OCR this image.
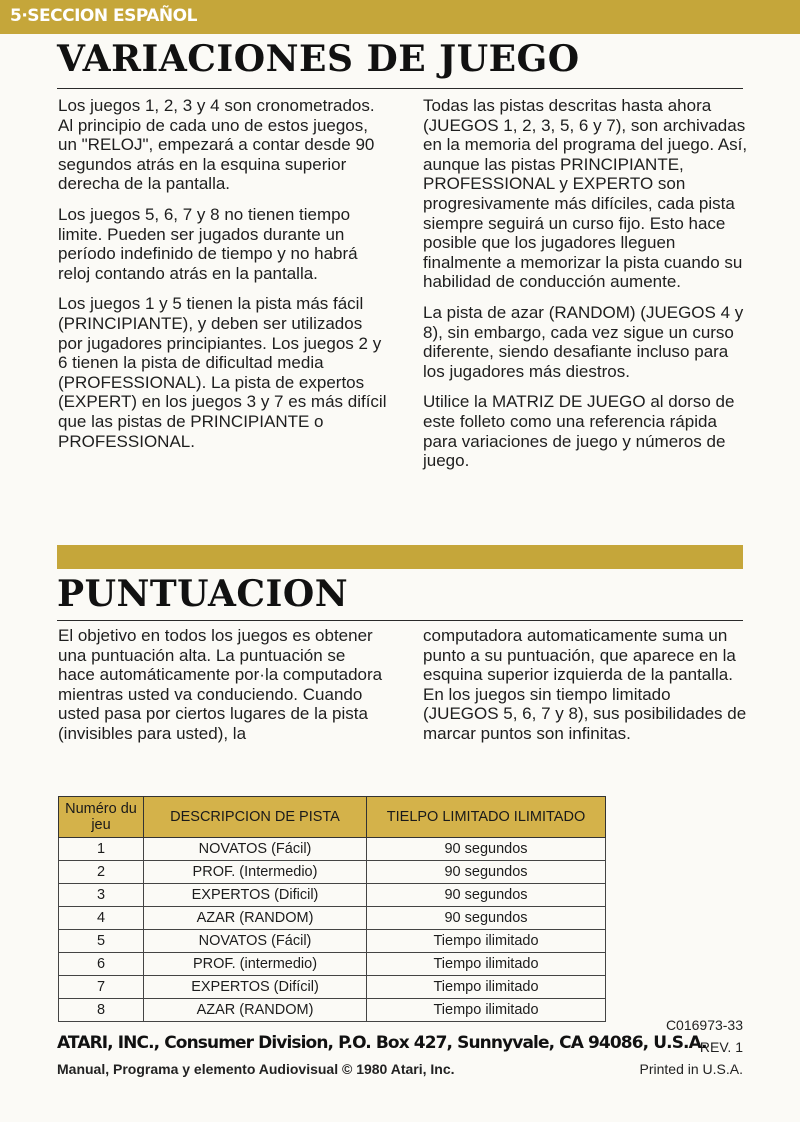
5·SECCION ESPAÑOL
VARIACIONES DE JUEGO

Los juegos 1, 2, 3 y 4 son cronometrados. Al principio de cada uno de estos juegos, un "RELOJ", empezará a contar desde 90 segundos atrás en la esquina superior derecha de la pantalla.

Los juegos 5, 6, 7 y 8 no tienen tiempo limite. Pueden ser jugados durante un período indefinido de tiempo y no habrá reloj contando atrás en la pantalla.

Los juegos 1 y 5 tienen la pista más fácil (PRINCIPIANTE), y deben ser utilizados por jugadores principiantes. Los juegos 2 y 6 tienen la pista de dificultad media (PROFESSIONAL). La pista de expertos (EXPERT) en los juegos 3 y 7 es más difícil que las pistas de PRINCIPIANTE o PROFESSIONAL.

Todas las pistas descritas hasta ahora (JUEGOS 1, 2, 3, 5, 6 y 7), son archivadas en la memoria del programa del juego. Así, aunque las pistas PRINCIPIANTE, PROFESSIONAL y EXPERTO son progresivamente más difíciles, cada pista siempre seguirá un curso fijo. Esto hace posible que los jugadores lleguen finalmente a memorizar la pista cuando su habilidad de conducción aumente.

La pista de azar (RANDOM) (JUEGOS 4 y 8), sin embargo, cada vez sigue un curso diferente, siendo desafiante incluso para los jugadores más diestros.

Utilice la MATRIZ DE JUEGO al dorso de este folleto como una referencia rápida para variaciones de juego y números de juego.

PUNTUACION

El objetivo en todos los juegos es obtener una puntuación alta. La puntuación se hace automáticamente por·la computadora mientras usted va conduciendo. Cuando usted pasa por ciertos lugares de la pista (invisibles para usted), la

computadora automaticamente suma un punto a su puntuación, que aparece en la esquina superior izquierda de la pantalla. En los juegos sin tiempo limitado (JUEGOS 5, 6, 7 y 8), sus posibilidades de marcar puntos son infinitas.

Numéro du jeu	DESCRIPCION DE PISTA	TIELPO LIMITADO ILIMITADO
1	NOVATOS (Fácil)	90 segundos
2	PROF. (Intermedio)	90 segundos
3	EXPERTOS (Dificil)	90 segundos
4	AZAR (RANDOM)	90 segundos
5	NOVATOS (Fácil)	Tiempo ilimitado
6	PROF. (intermedio)	Tiempo ilimitado
7	EXPERTOS (Difícil)	Tiempo ilimitado
8	AZAR (RANDOM)	Tiempo ilimitado
C016973-33
REV. 1
ATARI, INC., Consumer Division, P.O. Box 427, Sunnyvale, CA 94086, U.S.A.
Manual, Programa y elemento Audiovisual © 1980 Atari, Inc.	Printed in U.S.A.
